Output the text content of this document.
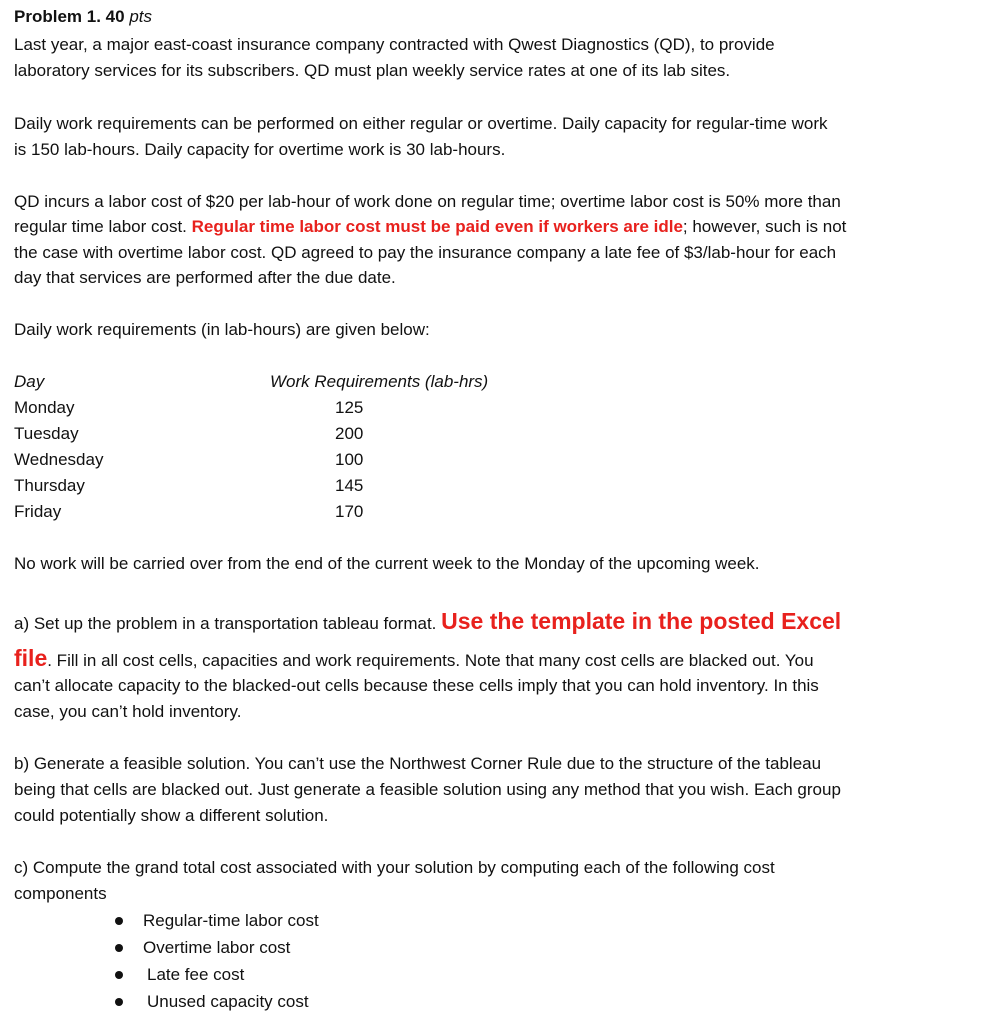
Problem 1. 40 pts
Last year, a major east-coast insurance company contracted with Qwest Diagnostics (QD), to provide
laboratory services for its subscribers. QD must plan weekly service rates at one of its lab sites.
Daily work requirements can be performed on either regular or overtime. Daily capacity for regular-time work
is 150 lab-hours. Daily capacity for overtime work is 30 lab-hours.
QD incurs a labor cost of $20 per lab-hour of work done on regular time; overtime labor cost is 50% more than
regular time labor cost. Regular time labor cost must be paid even if workers are idle; however, such is not
the case with overtime labor cost. QD agreed to pay the insurance company a late fee of $3/lab-hour for each
day that services are performed after the due date.
Daily work requirements (in lab-hours) are given below:
Day	Work Requirements (lab-hrs)
Monday	125
Tuesday	200
Wednesday	100
Thursday	145
Friday	170
No work will be carried over from the end of the current week to the Monday of the upcoming week.
a) Set up the problem in a transportation tableau format. Use the template in the posted Excel
file. Fill in all cost cells, capacities and work requirements. Note that many cost cells are blacked out. You
can’t allocate capacity to the blacked-out cells because these cells imply that you can hold inventory. In this
case, you can’t hold inventory.
b) Generate a feasible solution. You can’t use the Northwest Corner Rule due to the structure of the tableau
being that cells are blacked out. Just generate a feasible solution using any method that you wish. Each group
could potentially show a different solution.
c) Compute the grand total cost associated with your solution by computing each of the following cost
components
Regular-time labor cost
Overtime labor cost
Late fee cost
Unused capacity cost
